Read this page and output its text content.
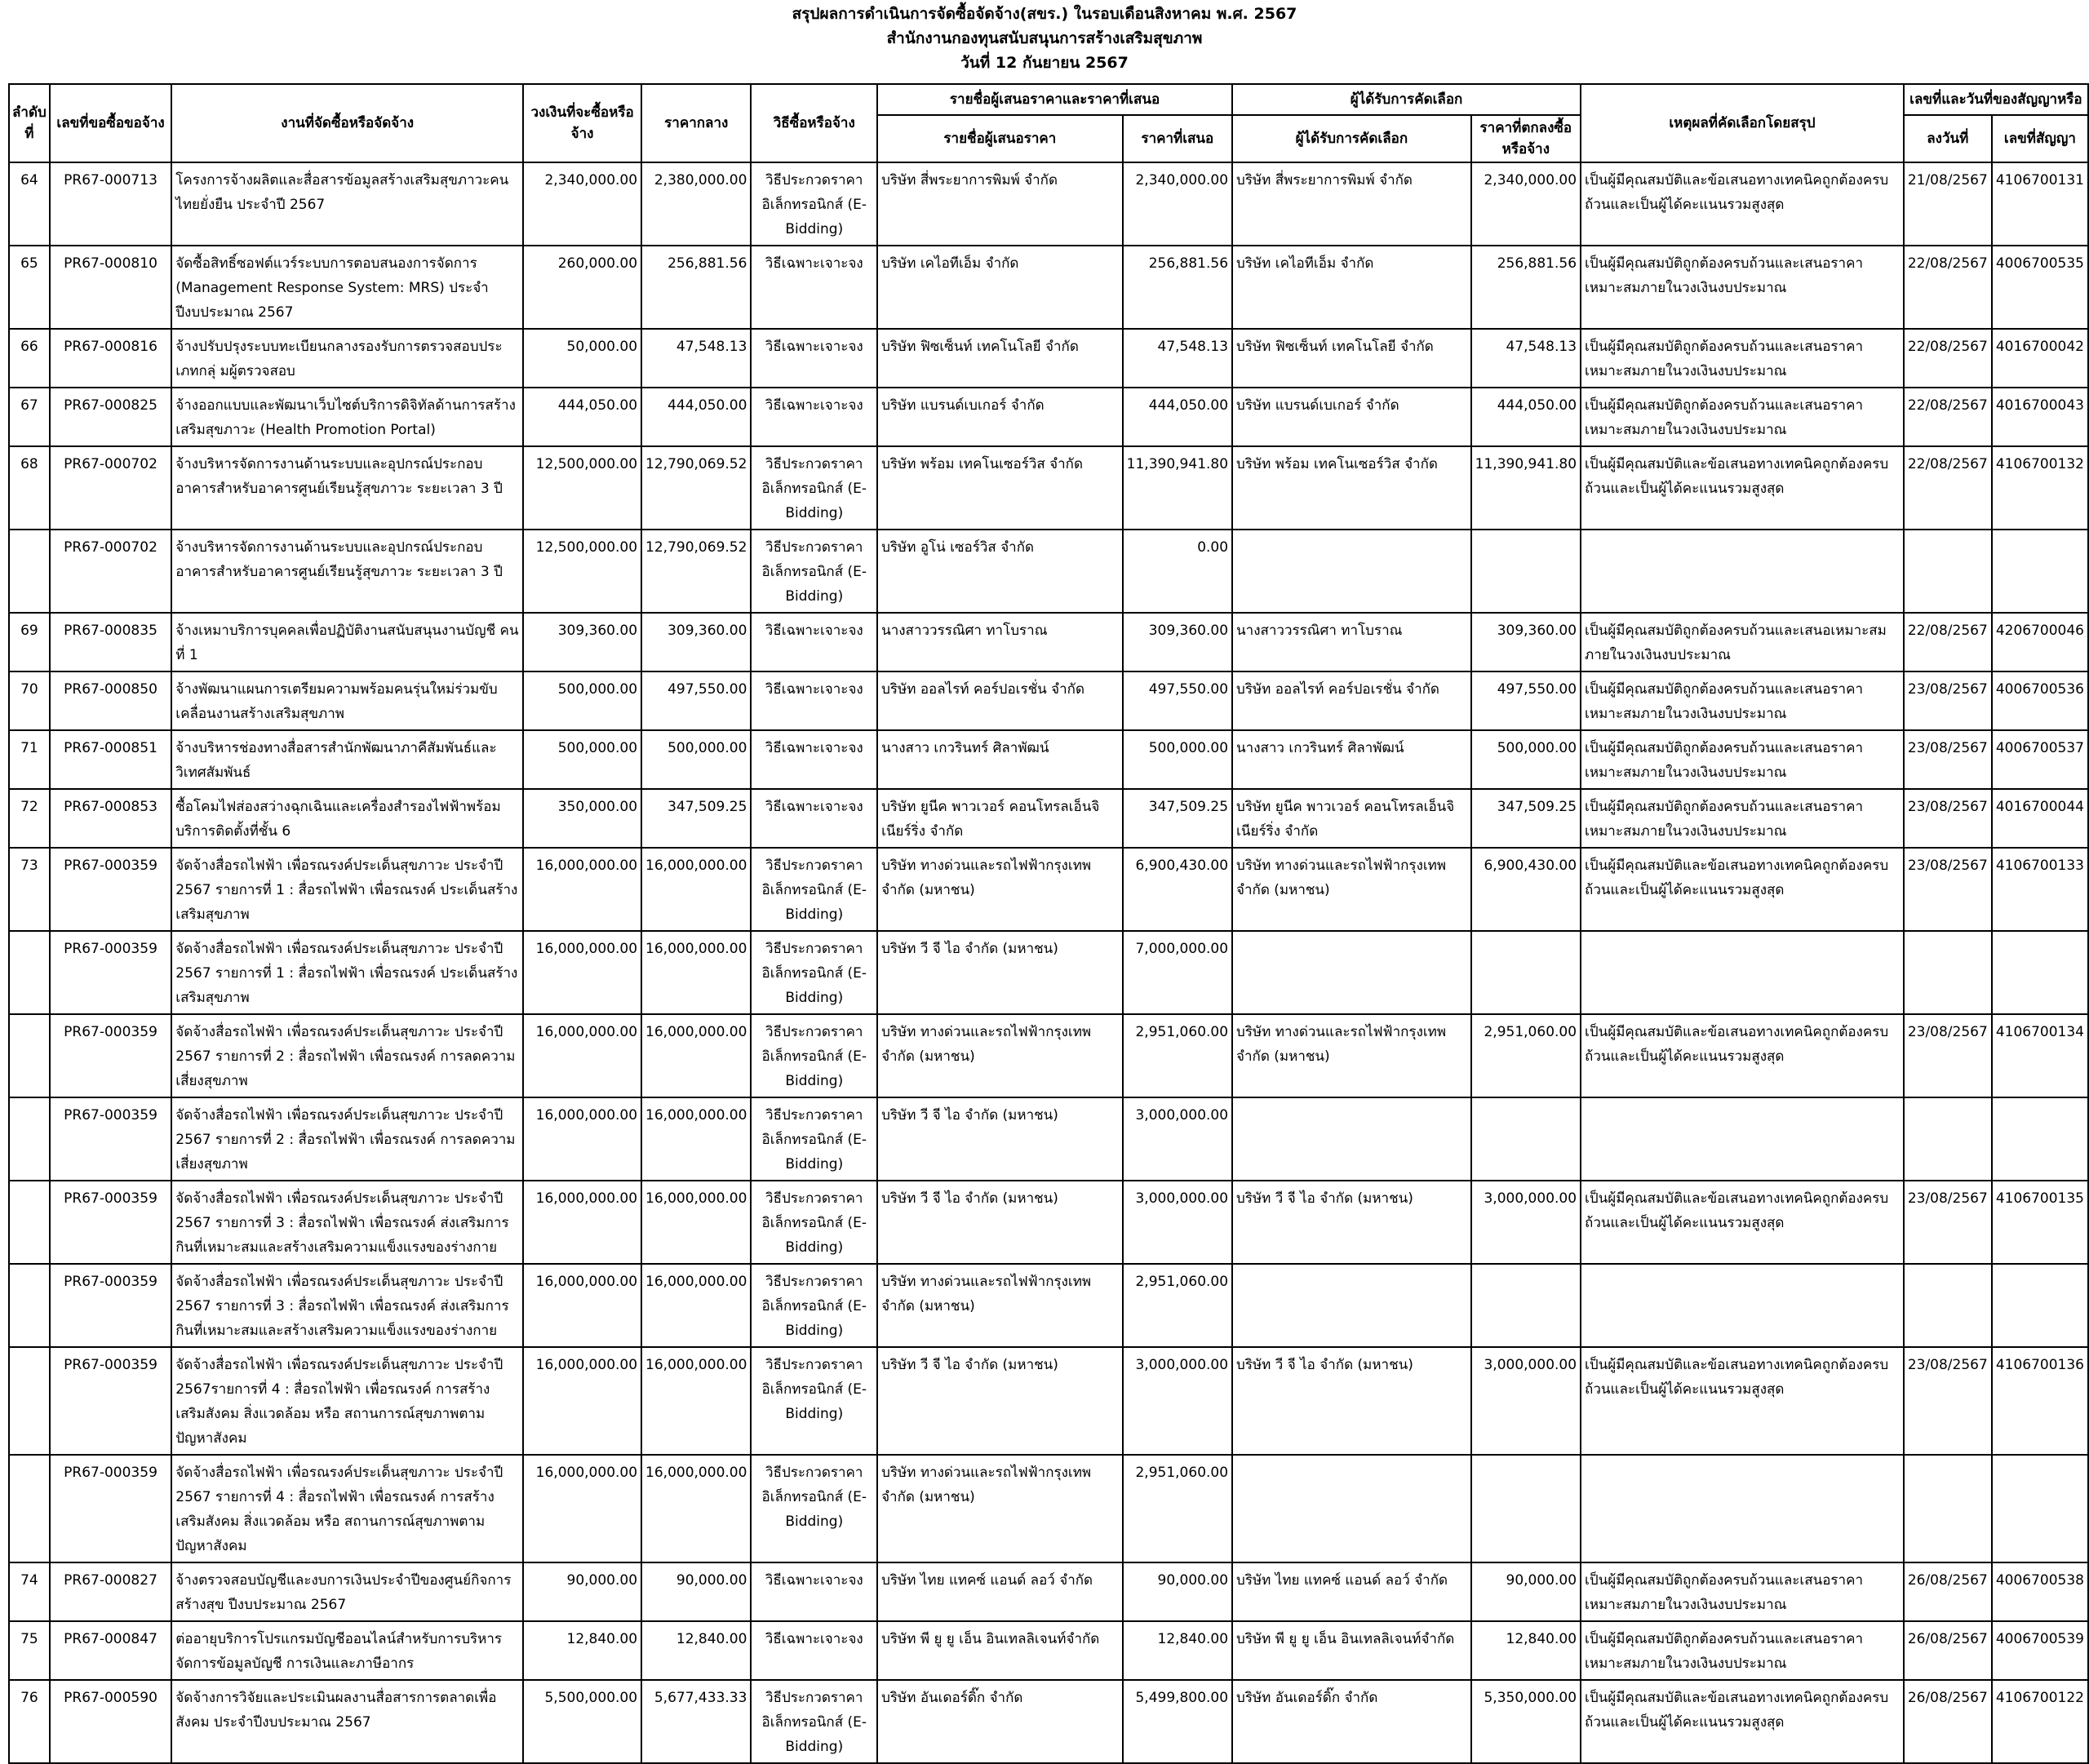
สรุปผลการดำเนินการจัดซื้อจัดจ้าง(สขร.) ในรอบเดือนสิงหาคม พ.ศ. 2567
สำนักงานกองทุนสนับสนุนการสร้างเสริมสุขภาพ
วันที่ 12 กันยายน 2567
ลำดับที่	เลขที่ขอซื้อขอจ้าง	งานที่จัดซื้อหรือจัดจ้าง	วงเงินที่จะซื้อหรือจ้าง	ราคากลาง	วิธีซื้อหรือจ้าง	รายชื่อผู้เสนอราคาและราคาที่เสนอ		ผู้ได้รับการคัดเลือก		เหตุผลที่คัดเลือกโดยสรุป	เลขที่และวันที่ของสัญญาหรือ	
						รายชื่อผู้เสนอราคา	ราคาที่เสนอ	ผู้ได้รับการคัดเลือก	ราคาที่ตกลงซื้อหรือจ้าง		ลงวันที่	เลขที่สัญญา
64	PR67-000713	โครงการจ้างผลิตและสื่อสารข้อมูลสร้างเสริมสุขภาวะคนไทยยั่งยืน ประจำปี 2567	2,340,000.00	2,380,000.00	วิธีประกวดราคาอิเล็กทรอนิกส์ (E-Bidding)	บริษัท สี่พระยาการพิมพ์ จำกัด	2,340,000.00	บริษัท สี่พระยาการพิมพ์ จำกัด	2,340,000.00	เป็นผู้มีคุณสมบัติและข้อเสนอทางเทคนิคถูกต้องครบถ้วนและเป็นผู้ได้คะแนนรวมสูงสุด	21/08/2567	4106700131
65	PR67-000810	จัดซื้อสิทธิ์ซอฟต์แวร์ระบบการตอบสนองการจัดการ (Management Response System: MRS) ประจำปีงบประมาณ 2567	260,000.00	256,881.56	วิธีเฉพาะเจาะจง	บริษัท เคไอทีเอ็ม จำกัด	256,881.56	บริษัท เคไอทีเอ็ม จำกัด	256,881.56	เป็นผู้มีคุณสมบัติถูกต้องครบถ้วนและเสนอราคาเหมาะสมภายในวงเงินงบประมาณ	22/08/2567	4006700535
66	PR67-000816	จ้างปรับปรุงระบบทะเบียนกลางรองรับการตรวจสอบประเภทกลุ่ มผู้ตรวจสอบ	50,000.00	47,548.13	วิธีเฉพาะเจาะจง	บริษัท ฟิซเซ็นท์ เทคโนโลยี จำกัด	47,548.13	บริษัท ฟิซเซ็นท์ เทคโนโลยี จำกัด	47,548.13	เป็นผู้มีคุณสมบัติถูกต้องครบถ้วนและเสนอราคาเหมาะสมภายในวงเงินงบประมาณ	22/08/2567	4016700042
67	PR67-000825	จ้างออกแบบและพัฒนาเว็บไซต์บริการดิจิทัลด้านการสร้างเสริมสุขภาวะ (Health Promotion Portal)	444,050.00	444,050.00	วิธีเฉพาะเจาะจง	บริษัท แบรนด์เบเกอร์ จำกัด	444,050.00	บริษัท แบรนด์เบเกอร์ จำกัด	444,050.00	เป็นผู้มีคุณสมบัติถูกต้องครบถ้วนและเสนอราคาเหมาะสมภายในวงเงินงบประมาณ	22/08/2567	4016700043
68	PR67-000702	จ้างบริหารจัดการงานด้านระบบและอุปกรณ์ประกอบอาคารสำหรับอาคารศูนย์เรียนรู้สุขภาวะ ระยะเวลา 3 ปี	12,500,000.00	12,790,069.52	วิธีประกวดราคาอิเล็กทรอนิกส์ (E-Bidding)	บริษัท พร้อม เทคโนเซอร์วิส จำกัด	11,390,941.80	บริษัท พร้อม เทคโนเซอร์วิส จำกัด	11,390,941.80	เป็นผู้มีคุณสมบัติและข้อเสนอทางเทคนิคถูกต้องครบถ้วนและเป็นผู้ได้คะแนนรวมสูงสุด	22/08/2567	4106700132
	PR67-000702	จ้างบริหารจัดการงานด้านระบบและอุปกรณ์ประกอบอาคารสำหรับอาคารศูนย์เรียนรู้สุขภาวะ ระยะเวลา 3 ปี	12,500,000.00	12,790,069.52	วิธีประกวดราคาอิเล็กทรอนิกส์ (E-Bidding)	บริษัท อูโน่ เซอร์วิส จำกัด	0.00					
69	PR67-000835	จ้างเหมาบริการบุคคลเพื่อปฏิบัติงานสนับสนุนงานบัญชี คนที่ 1	309,360.00	309,360.00	วิธีเฉพาะเจาะจง	นางสาววรรณิศา ทาโบราณ	309,360.00	นางสาววรรณิศา ทาโบราณ	309,360.00	เป็นผู้มีคุณสมบัติถูกต้องครบถ้วนและเสนอเหมาะสมภายในวงเงินงบประมาณ	22/08/2567	4206700046
70	PR67-000850	จ้างพัฒนาแผนการเตรียมความพร้อมคนรุ่นใหม่ร่วมขับเคลื่อนงานสร้างเสริมสุขภาพ	500,000.00	497,550.00	วิธีเฉพาะเจาะจง	บริษัท ออลไรท์ คอร์ปอเรชั่น จำกัด	497,550.00	บริษัท ออลไรท์ คอร์ปอเรชั่น จำกัด	497,550.00	เป็นผู้มีคุณสมบัติถูกต้องครบถ้วนและเสนอราคาเหมาะสมภายในวงเงินงบประมาณ	23/08/2567	4006700536
71	PR67-000851	จ้างบริหารช่องทางสื่อสารสำนักพัฒนาภาคีสัมพันธ์และวิเทศสัมพันธ์	500,000.00	500,000.00	วิธีเฉพาะเจาะจง	นางสาว เกวรินทร์ ศิลาพัฒน์	500,000.00	นางสาว เกวรินทร์ ศิลาพัฒน์	500,000.00	เป็นผู้มีคุณสมบัติถูกต้องครบถ้วนและเสนอราคาเหมาะสมภายในวงเงินงบประมาณ	23/08/2567	4006700537
72	PR67-000853	ซื้อโคมไฟส่องสว่างฉุกเฉินและเครื่องสำรองไฟฟ้าพร้อมบริการติดตั้งที่ชั้น 6	350,000.00	347,509.25	วิธีเฉพาะเจาะจง	บริษัท ยูนีค พาวเวอร์ คอนโทรลเอ็นจิเนียร์ริ่ง จำกัด	347,509.25	บริษัท ยูนีค พาวเวอร์ คอนโทรลเอ็นจิเนียร์ริ่ง จำกัด	347,509.25	เป็นผู้มีคุณสมบัติถูกต้องครบถ้วนและเสนอราคาเหมาะสมภายในวงเงินงบประมาณ	23/08/2567	4016700044
73	PR67-000359	จัดจ้างสื่อรถไฟฟ้า เพื่อรณรงค์ประเด็นสุขภาวะ ประจำปี 2567 รายการที่ 1 : สื่อรถไฟฟ้า เพื่อรณรงค์ ประเด็นสร้างเสริมสุขภาพ	16,000,000.00	16,000,000.00	วิธีประกวดราคาอิเล็กทรอนิกส์ (E-Bidding)	บริษัท ทางด่วนและรถไฟฟ้ากรุงเทพ จำกัด (มหาชน)	6,900,430.00	บริษัท ทางด่วนและรถไฟฟ้ากรุงเทพ จำกัด (มหาชน)	6,900,430.00	เป็นผู้มีคุณสมบัติและข้อเสนอทางเทคนิคถูกต้องครบถ้วนและเป็นผู้ได้คะแนนรวมสูงสุด	23/08/2567	4106700133
	PR67-000359	จัดจ้างสื่อรถไฟฟ้า เพื่อรณรงค์ประเด็นสุขภาวะ ประจำปี 2567 รายการที่ 1 : สื่อรถไฟฟ้า เพื่อรณรงค์ ประเด็นสร้างเสริมสุขภาพ	16,000,000.00	16,000,000.00	วิธีประกวดราคาอิเล็กทรอนิกส์ (E-Bidding)	บริษัท วี จี ไอ จำกัด (มหาชน)	7,000,000.00					
	PR67-000359	จัดจ้างสื่อรถไฟฟ้า เพื่อรณรงค์ประเด็นสุขภาวะ ประจำปี 2567 รายการที่ 2 : สื่อรถไฟฟ้า เพื่อรณรงค์ การลดความเสี่ยงสุขภาพ	16,000,000.00	16,000,000.00	วิธีประกวดราคาอิเล็กทรอนิกส์ (E-Bidding)	บริษัท ทางด่วนและรถไฟฟ้ากรุงเทพ จำกัด (มหาชน)	2,951,060.00	บริษัท ทางด่วนและรถไฟฟ้ากรุงเทพ จำกัด (มหาชน)	2,951,060.00	เป็นผู้มีคุณสมบัติและข้อเสนอทางเทคนิคถูกต้องครบถ้วนและเป็นผู้ได้คะแนนรวมสูงสุด	23/08/2567	4106700134
	PR67-000359	จัดจ้างสื่อรถไฟฟ้า เพื่อรณรงค์ประเด็นสุขภาวะ ประจำปี 2567 รายการที่ 2 : สื่อรถไฟฟ้า เพื่อรณรงค์ การลดความเสี่ยงสุขภาพ	16,000,000.00	16,000,000.00	วิธีประกวดราคาอิเล็กทรอนิกส์ (E-Bidding)	บริษัท วี จี ไอ จำกัด (มหาชน)	3,000,000.00					
	PR67-000359	จัดจ้างสื่อรถไฟฟ้า เพื่อรณรงค์ประเด็นสุขภาวะ ประจำปี 2567 รายการที่ 3 : สื่อรถไฟฟ้า เพื่อรณรงค์ ส่งเสริมการกินที่เหมาะสมและสร้างเสริมความแข็งแรงของร่างกาย	16,000,000.00	16,000,000.00	วิธีประกวดราคาอิเล็กทรอนิกส์ (E-Bidding)	บริษัท วี จี ไอ จำกัด (มหาชน)	3,000,000.00	บริษัท วี จี ไอ จำกัด (มหาชน)	3,000,000.00	เป็นผู้มีคุณสมบัติและข้อเสนอทางเทคนิคถูกต้องครบถ้วนและเป็นผู้ได้คะแนนรวมสูงสุด	23/08/2567	4106700135
	PR67-000359	จัดจ้างสื่อรถไฟฟ้า เพื่อรณรงค์ประเด็นสุขภาวะ ประจำปี 2567 รายการที่ 3 : สื่อรถไฟฟ้า เพื่อรณรงค์ ส่งเสริมการกินที่เหมาะสมและสร้างเสริมความแข็งแรงของร่างกาย	16,000,000.00	16,000,000.00	วิธีประกวดราคาอิเล็กทรอนิกส์ (E-Bidding)	บริษัท ทางด่วนและรถไฟฟ้ากรุงเทพ จำกัด (มหาชน)	2,951,060.00					
	PR67-000359	จัดจ้างสื่อรถไฟฟ้า เพื่อรณรงค์ประเด็นสุขภาวะ ประจำปี 2567รายการที่ 4 : สื่อรถไฟฟ้า เพื่อรณรงค์ การสร้างเสริมสังคม สิ่งแวดล้อม หรือ สถานการณ์สุขภาพตามปัญหาสังคม	16,000,000.00	16,000,000.00	วิธีประกวดราคาอิเล็กทรอนิกส์ (E-Bidding)	บริษัท วี จี ไอ จำกัด (มหาชน)	3,000,000.00	บริษัท วี จี ไอ จำกัด (มหาชน)	3,000,000.00	เป็นผู้มีคุณสมบัติและข้อเสนอทางเทคนิคถูกต้องครบถ้วนและเป็นผู้ได้คะแนนรวมสูงสุด	23/08/2567	4106700136
	PR67-000359	จัดจ้างสื่อรถไฟฟ้า เพื่อรณรงค์ประเด็นสุขภาวะ ประจำปี 2567 รายการที่ 4 : สื่อรถไฟฟ้า เพื่อรณรงค์ การสร้างเสริมสังคม สิ่งแวดล้อม หรือ สถานการณ์สุขภาพตามปัญหาสังคม	16,000,000.00	16,000,000.00	วิธีประกวดราคาอิเล็กทรอนิกส์ (E-Bidding)	บริษัท ทางด่วนและรถไฟฟ้ากรุงเทพ จำกัด (มหาชน)	2,951,060.00					
74	PR67-000827	จ้างตรวจสอบบัญชีและงบการเงินประจำปีของศูนย์กิจการสร้างสุข ปีงบประมาณ 2567	90,000.00	90,000.00	วิธีเฉพาะเจาะจง	บริษัท ไทย แทคซ์ แอนด์ ลอว์ จำกัด	90,000.00	บริษัท ไทย แทคซ์ แอนด์ ลอว์ จำกัด	90,000.00	เป็นผู้มีคุณสมบัติถูกต้องครบถ้วนและเสนอราคาเหมาะสมภายในวงเงินงบประมาณ	26/08/2567	4006700538
75	PR67-000847	ต่ออายุบริการโปรแกรมบัญชีออนไลน์สำหรับการบริหารจัดการข้อมูลบัญชี การเงินและภาษีอากร	12,840.00	12,840.00	วิธีเฉพาะเจาะจง	บริษัท พี ยู ยู เอ็น อินเทลลิเจนท์จำกัด	12,840.00	บริษัท พี ยู ยู เอ็น อินเทลลิเจนท์จำกัด	12,840.00	เป็นผู้มีคุณสมบัติถูกต้องครบถ้วนและเสนอราคาเหมาะสมภายในวงเงินงบประมาณ	26/08/2567	4006700539
76	PR67-000590	จัดจ้างการวิจัยและประเมินผลงานสื่อสารการตลาดเพื่อสังคม ประจำปีงบประมาณ 2567	5,500,000.00	5,677,433.33	วิธีประกวดราคาอิเล็กทรอนิกส์ (E-Bidding)	บริษัท อันเดอร์ดิ๊ก จำกัด	5,499,800.00	บริษัท อันเดอร์ดิ๊ก จำกัด	5,350,000.00	เป็นผู้มีคุณสมบัติและข้อเสนอทางเทคนิคถูกต้องครบถ้วนและเป็นผู้ได้คะแนนรวมสูงสุด	26/08/2567	4106700122
